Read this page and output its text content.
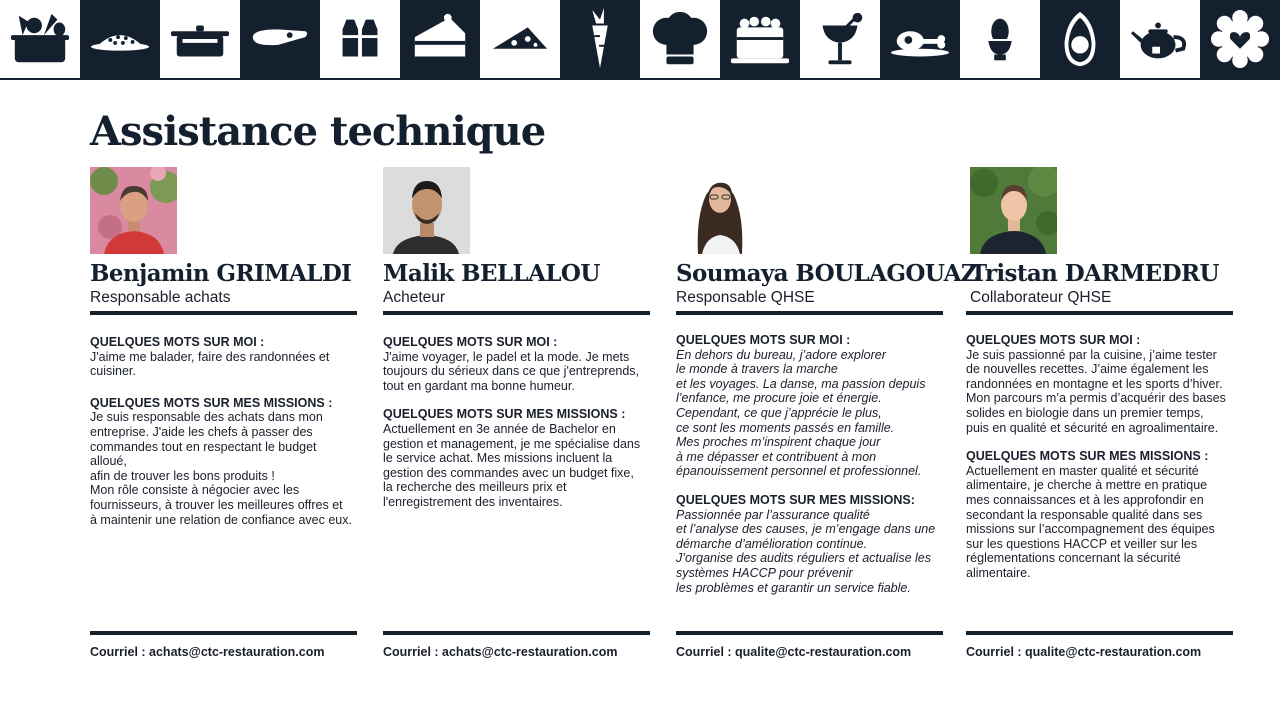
Assistance technique
Benjamin GRIMALDI
Responsable achats
QUELQUES MOTS SUR MOI :

J'aime me balader, faire des randonnées et cuisiner.

QUELQUES MOTS SUR MES MISSIONS :

Je suis responsable des achats dans mon entreprise. J'aide les chefs à passer des commandes tout en respectant le budget alloué,
afin de trouver les bons produits !
Mon rôle consiste à négocier avec les fournisseurs, à trouver les meilleures offres et à maintenir une relation de confiance avec eux.

Courriel : achats@ctc-restauration.com
Malik BELLALOU
Acheteur
QUELQUES MOTS SUR MOI :

J'aime voyager, le padel et la mode. Je mets toujours du sérieux dans ce que j'entreprends, tout en gardant ma bonne humeur.

QUELQUES MOTS SUR MES MISSIONS :

Actuellement en 3e année de Bachelor en gestion et management, je me spécialise dans le service achat. Mes missions incluent la gestion des commandes avec un budget fixe, la recherche des meilleurs prix et l'enregistrement des inventaires.

Courriel : achats@ctc-restauration.com
Soumaya BOULAGOUAZ
Responsable QHSE
QUELQUES MOTS SUR MOI :

En dehors du bureau, j’adore explorer
le monde à travers la marche
et les voyages. La danse, ma passion depuis l’enfance, me procure joie et énergie.
Cependant, ce que j’apprécie le plus,
ce sont les moments passés en famille.
Mes proches m’inspirent chaque jour
à me dépasser et contribuent à mon épanouissement personnel et professionnel.

QUELQUES MOTS SUR MES MISSIONS:

Passionnée par l’assurance qualité
et l’analyse des causes, je m’engage dans une démarche d’amélioration continue.
J’organise des audits réguliers et actualise les systèmes HACCP pour prévenir
les problèmes et garantir un service fiable.

Courriel : qualite@ctc-restauration.com
Tristan DARMEDRU
Collaborateur QHSE
QUELQUES MOTS SUR MOI :

Je suis passionné par la cuisine, j’aime tester de nouvelles recettes. J’aime également les randonnées en montagne et les sports d’hiver.
Mon parcours m’a permis d’acquérir des bases solides en biologie dans un premier temps, puis en qualité et sécurité en agroalimentaire.

QUELQUES MOTS SUR MES MISSIONS :

Actuellement en master qualité et sécurité alimentaire, je cherche à mettre en pratique mes connaissances et à les approfondir en secondant la responsable qualité dans ses missions sur l’accompagnement des équipes sur les questions HACCP et veiller sur les réglementations concernant la sécurité alimentaire.

Courriel : qualite@ctc-restauration.com
